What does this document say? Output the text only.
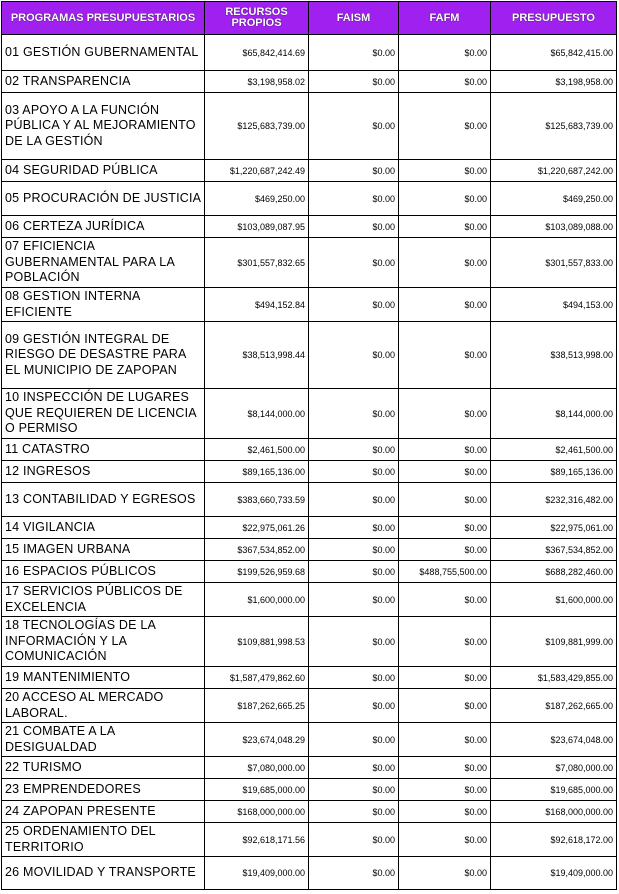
PROGRAMAS PRESUPUESTARIOS	RECURSOS PROPIOS	FAISM	FAFM	PRESUPUESTO
01 GESTIÓN GUBERNAMENTAL	$65,842,414.69	$0.00	$0.00	$65,842,415.00
02 TRANSPARENCIA	$3,198,958.02	$0.00	$0.00	$3,198,958.00
03 APOYO A LA FUNCIÓN PÚBLICA Y AL MEJORAMIENTO DE LA GESTIÓN	$125,683,739.00	$0.00	$0.00	$125,683,739.00
04 SEGURIDAD PÚBLICA	$1,220,687,242.49	$0.00	$0.00	$1,220,687,242.00
05 PROCURACIÓN DE JUSTICIA	$469,250.00	$0.00	$0.00	$469,250.00
06 CERTEZA JURÍDICA	$103,089,087.95	$0.00	$0.00	$103,089,088.00
07 EFICIENCIA GUBERNAMENTAL PARA LA POBLACIÓN	$301,557,832.65	$0.00	$0.00	$301,557,833.00
08 GESTION INTERNA EFICIENTE	$494,152.84	$0.00	$0.00	$494,153.00
09 GESTIÓN INTEGRAL DE RIESGO DE DESASTRE PARA EL MUNICIPIO DE ZAPOPAN	$38,513,998.44	$0.00	$0.00	$38,513,998.00
10 INSPECCIÓN DE LUGARES QUE REQUIEREN DE LICENCIA O PERMISO	$8,144,000.00	$0.00	$0.00	$8,144,000.00
11 CATASTRO	$2,461,500.00	$0.00	$0.00	$2,461,500.00
12 INGRESOS	$89,165,136.00	$0.00	$0.00	$89,165,136.00
13 CONTABILIDAD Y EGRESOS	$383,660,733.59	$0.00	$0.00	$232,316,482.00
14 VIGILANCIA	$22,975,061.26	$0.00	$0.00	$22,975,061.00
15 IMAGEN URBANA	$367,534,852.00	$0.00	$0.00	$367,534,852.00
16 ESPACIOS PÚBLICOS	$199,526,959.68	$0.00	$488,755,500.00	$688,282,460.00
17 SERVICIOS PÚBLICOS DE EXCELENCIA	$1,600,000.00	$0.00	$0.00	$1,600,000.00
18 TECNOLOGÍAS DE LA INFORMACIÓN Y LA COMUNICACIÓN	$109,881,998.53	$0.00	$0.00	$109,881,999.00
19 MANTENIMIENTO	$1,587,479,862.60	$0.00	$0.00	$1,583,429,855.00
20 ACCESO AL MERCADO LABORAL.	$187,262,665.25	$0.00	$0.00	$187,262,665.00
21 COMBATE A LA DESIGUALDAD	$23,674,048.29	$0.00	$0.00	$23,674,048.00
22 TURISMO	$7,080,000.00	$0.00	$0.00	$7,080,000.00
23 EMPRENDEDORES	$19,685,000.00	$0.00	$0.00	$19,685,000.00
24 ZAPOPAN PRESENTE	$168,000,000.00	$0.00	$0.00	$168,000,000.00
25 ORDENAMIENTO DEL TERRITORIO	$92,618,171.56	$0.00	$0.00	$92,618,172.00
26 MOVILIDAD Y TRANSPORTE	$19,409,000.00	$0.00	$0.00	$19,409,000.00
